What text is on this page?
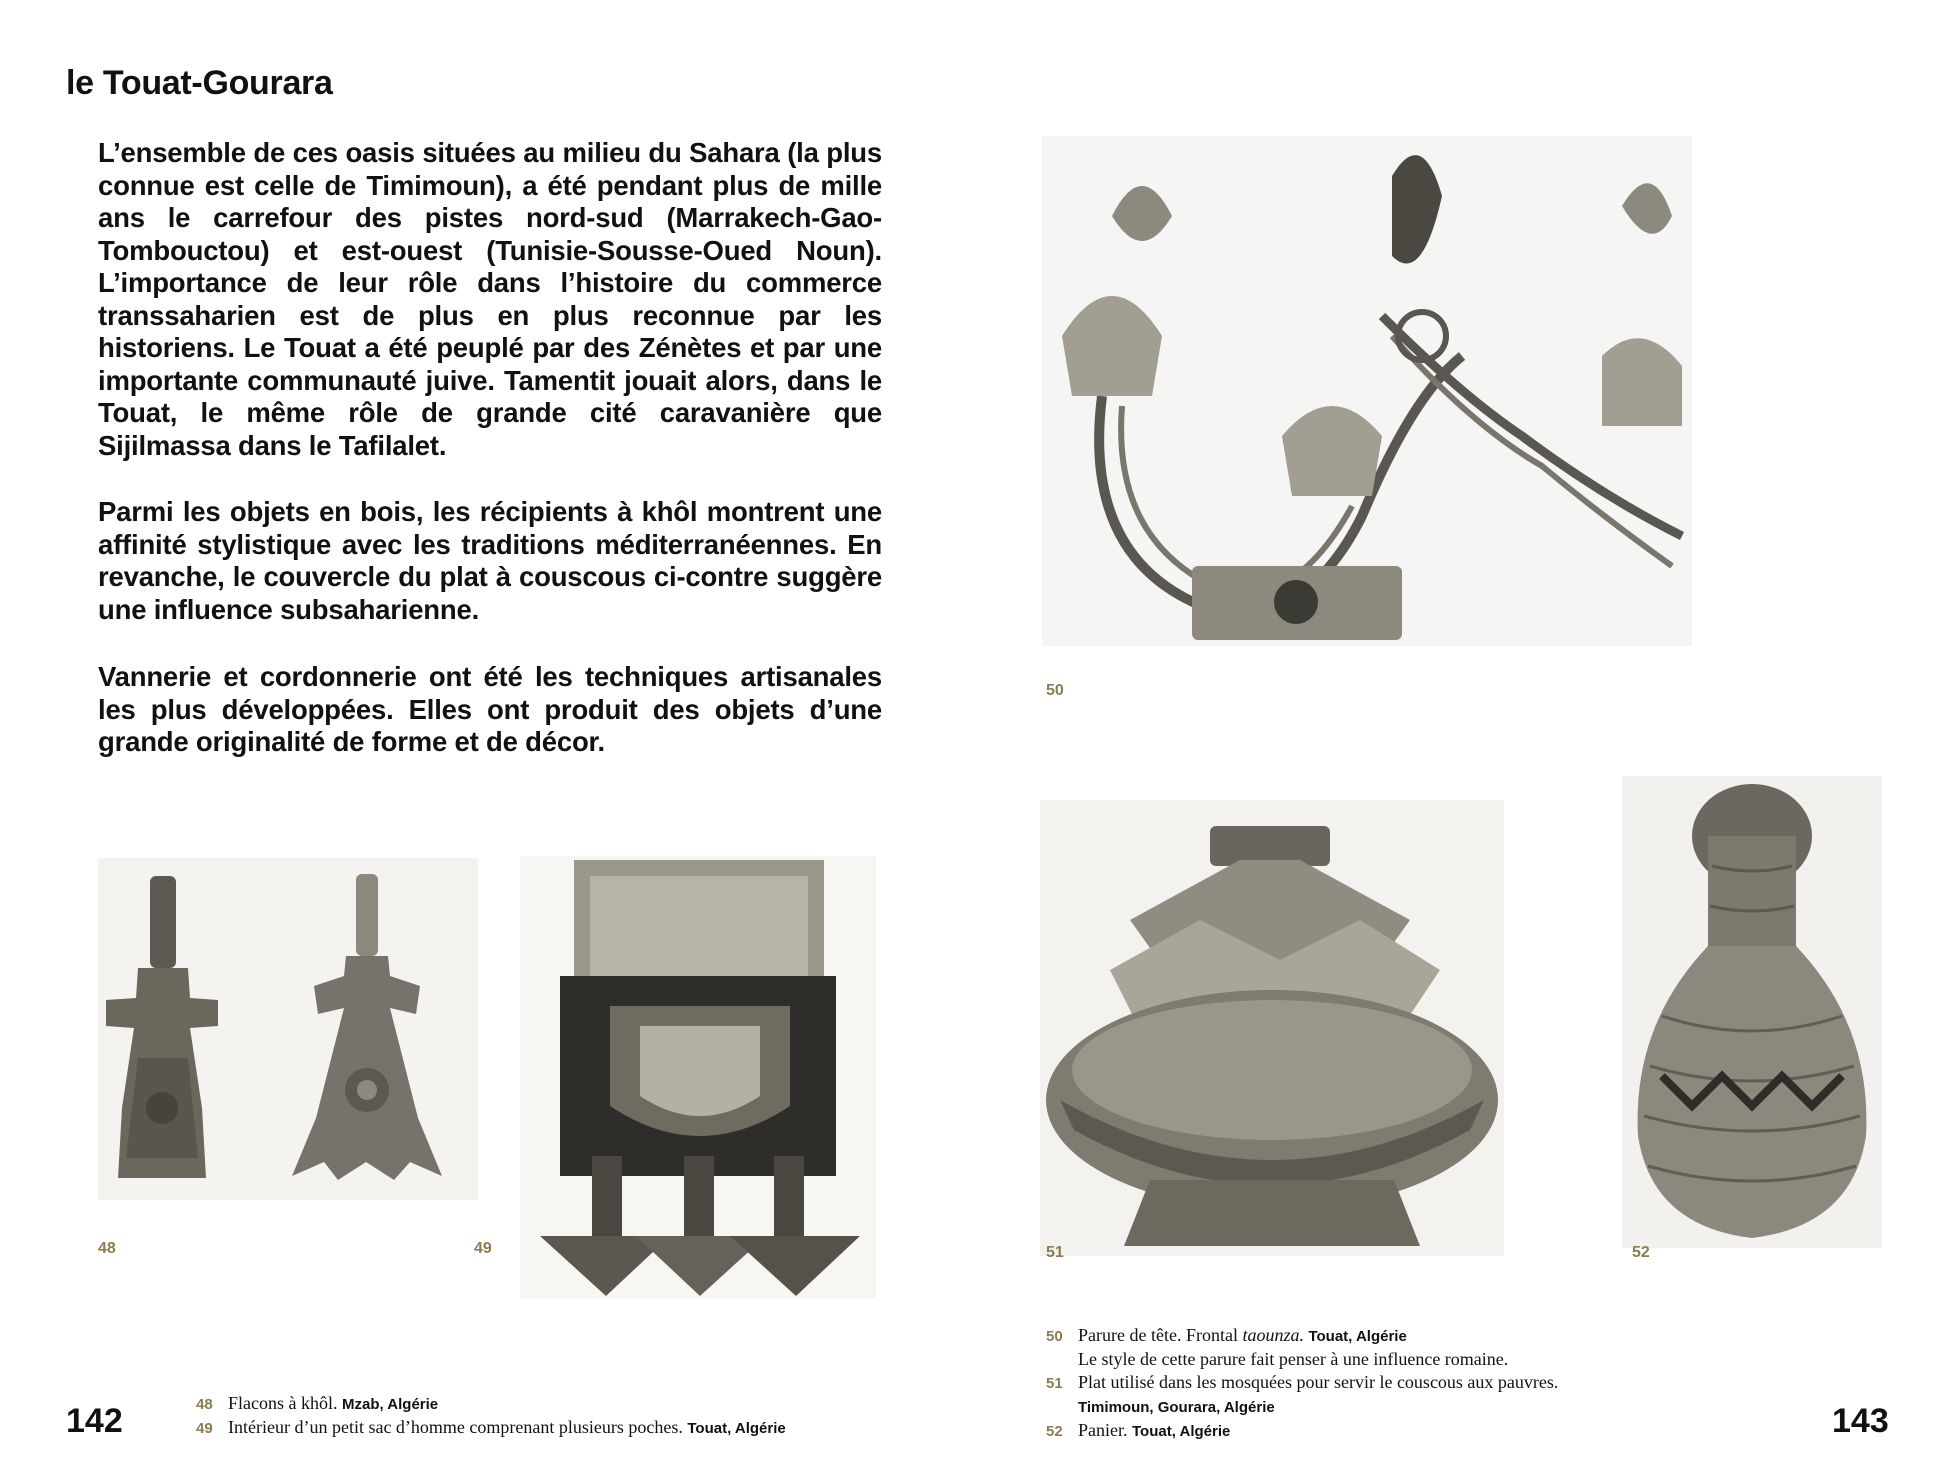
le Touat-Gourara
L’ensemble de ces oasis situées au milieu du Sahara (la plus connue est celle de Timimoun), a été pendant plus de mille ans le carrefour des pistes nord-sud (Marrakech-Gao-Tombouctou) et est-ouest (Tunisie-Sousse-Oued Noun). L’importance de leur rôle dans l’histoire du commerce transsaharien est de plus en plus reconnue par les historiens. Le Touat a été peuplé par des Zénètes et par une importante communauté juive. Tamentit jouait alors, dans le Touat, le même rôle de grande cité caravanière que Sijilmassa dans le Tafilalet.
Parmi les objets en bois, les récipients à khôl montrent une affinité stylistique avec les traditions méditerranéennes. En revanche, le couvercle du plat à couscous ci-contre suggère une influence subsaharienne.
Vannerie et cordonnerie ont été les techniques artisanales les plus développées. Elles ont produit des objets d’une grande originalité de forme et de décor.
48	49
50
51	52
48 Flacons à khôl. Mzab, Algérie
49 Intérieur d’un petit sac d’homme comprenant plusieurs poches. Touat, Algérie
50 Parure de tête. Frontal taounza. Touat, Algérie
Le style de cette parure fait penser à une influence romaine.
51 Plat utilisé dans les mosquées pour servir le couscous aux pauvres.
Timimoun, Gourara, Algérie
52 Panier. Touat, Algérie
142	143
